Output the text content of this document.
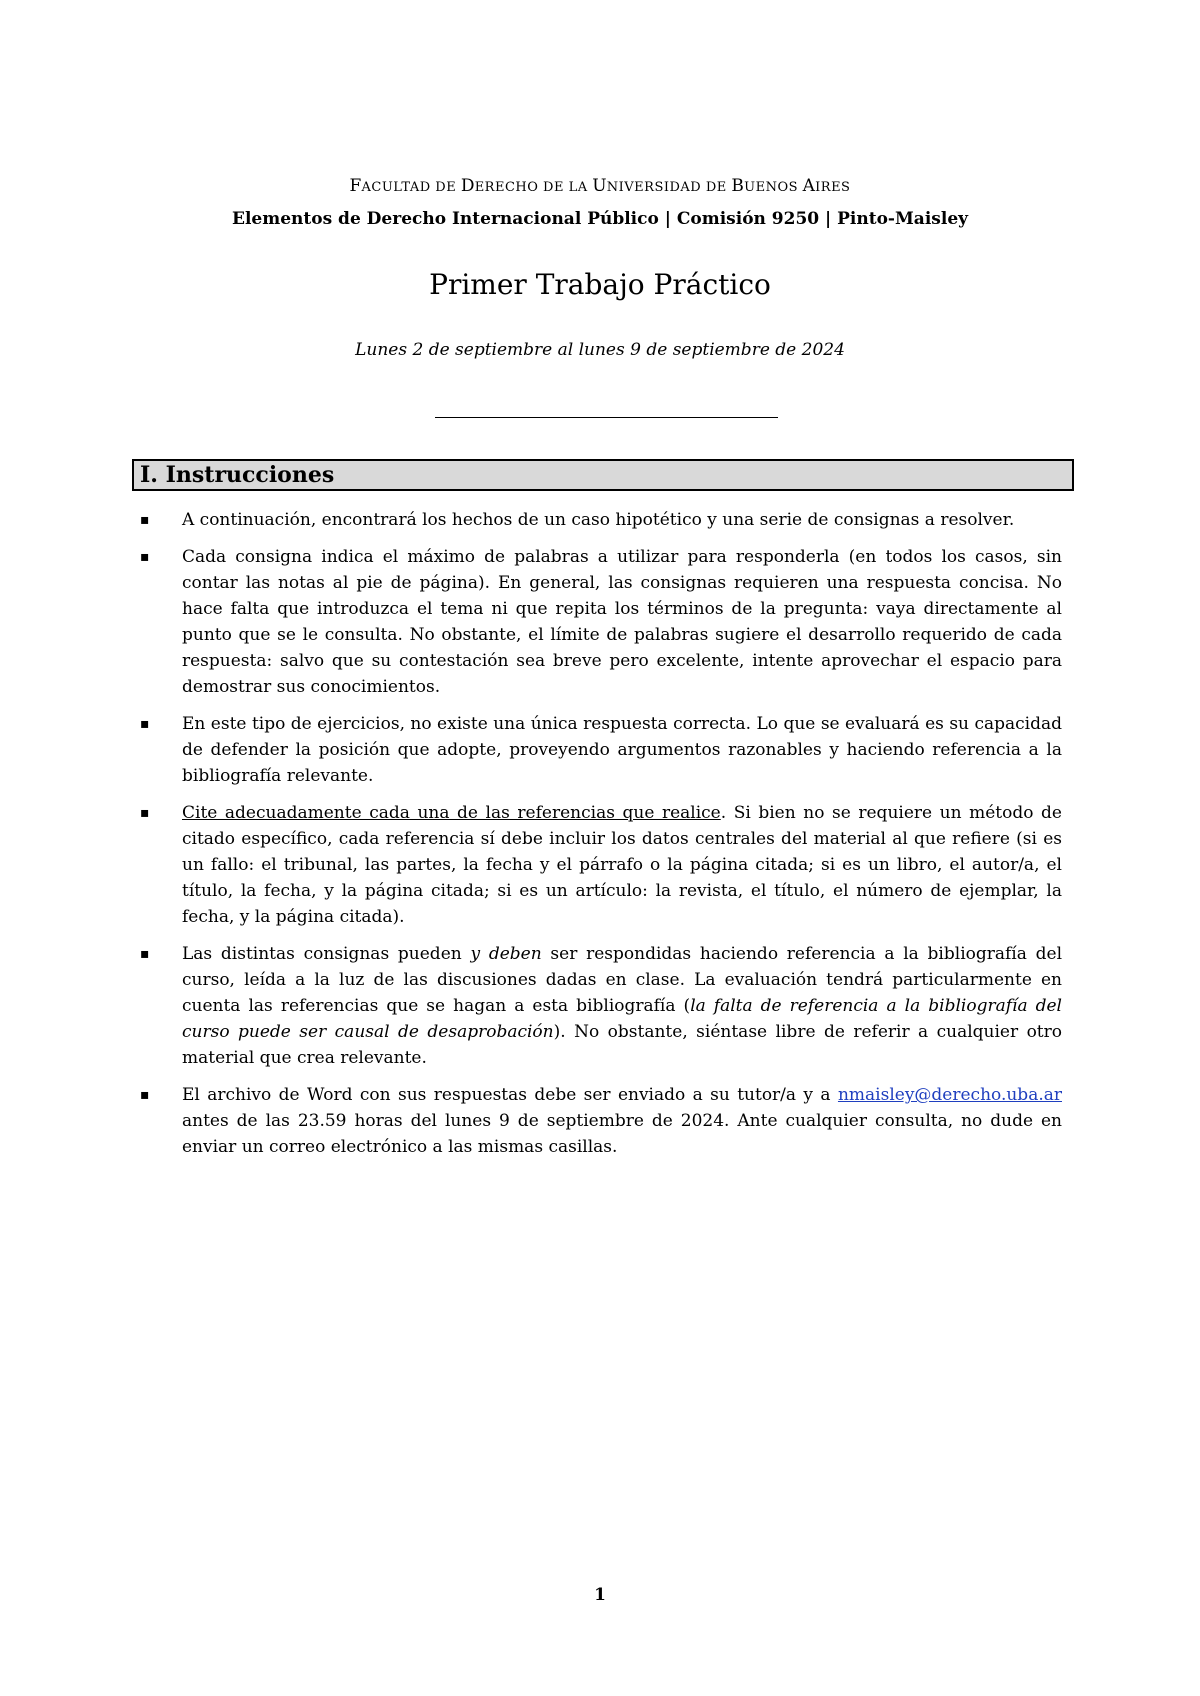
FACULTAD DE DERECHO DE LA UNIVERSIDAD DE BUENOS AIRES
Elementos de Derecho Internacional Público | Comisión 9250 | Pinto-Maisley
Primer Trabajo Práctico
Lunes 2 de septiembre al lunes 9 de septiembre de 2024
I. Instrucciones
▪ A continuación, encontrará los hechos de un caso hipotético y una serie de consignas a resolver.
▪ Cada consigna indica el máximo de palabras a utilizar para responderla (en todos los casos, sin contar las notas al pie de página). En general, las consignas requieren una respuesta concisa. No hace falta que introduzca el tema ni que repita los términos de la pregunta: vaya directamente al punto que se le consulta. No obstante, el límite de palabras sugiere el desarrollo requerido de cada respuesta: salvo que su contestación sea breve pero excelente, intente aprovechar el espacio para demostrar sus conocimientos.
▪ En este tipo de ejercicios, no existe una única respuesta correcta. Lo que se evaluará es su capacidad de defender la posición que adopte, proveyendo argumentos razonables y haciendo referencia a la bibliografía relevante.
▪ Cite adecuadamente cada una de las referencias que realice. Si bien no se requiere un método de citado específico, cada referencia sí debe incluir los datos centrales del material al que refiere (si es un fallo: el tribunal, las partes, la fecha y el párrafo o la página citada; si es un libro, el autor/a, el título, la fecha, y la página citada; si es un artículo: la revista, el título, el número de ejemplar, la fecha, y la página citada).
▪ Las distintas consignas pueden y deben ser respondidas haciendo referencia a la bibliografía del curso, leída a la luz de las discusiones dadas en clase. La evaluación tendrá particularmente en cuenta las referencias que se hagan a esta bibliografía (la falta de referencia a la bibliografía del curso puede ser causal de desaprobación). No obstante, siéntase libre de referir a cualquier otro material que crea relevante.
▪ El archivo de Word con sus respuestas debe ser enviado a su tutor/a y a nmaisley@derecho.uba.ar antes de las 23.59 horas del lunes 9 de septiembre de 2024. Ante cualquier consulta, no dude en enviar un correo electrónico a las mismas casillas.
1
